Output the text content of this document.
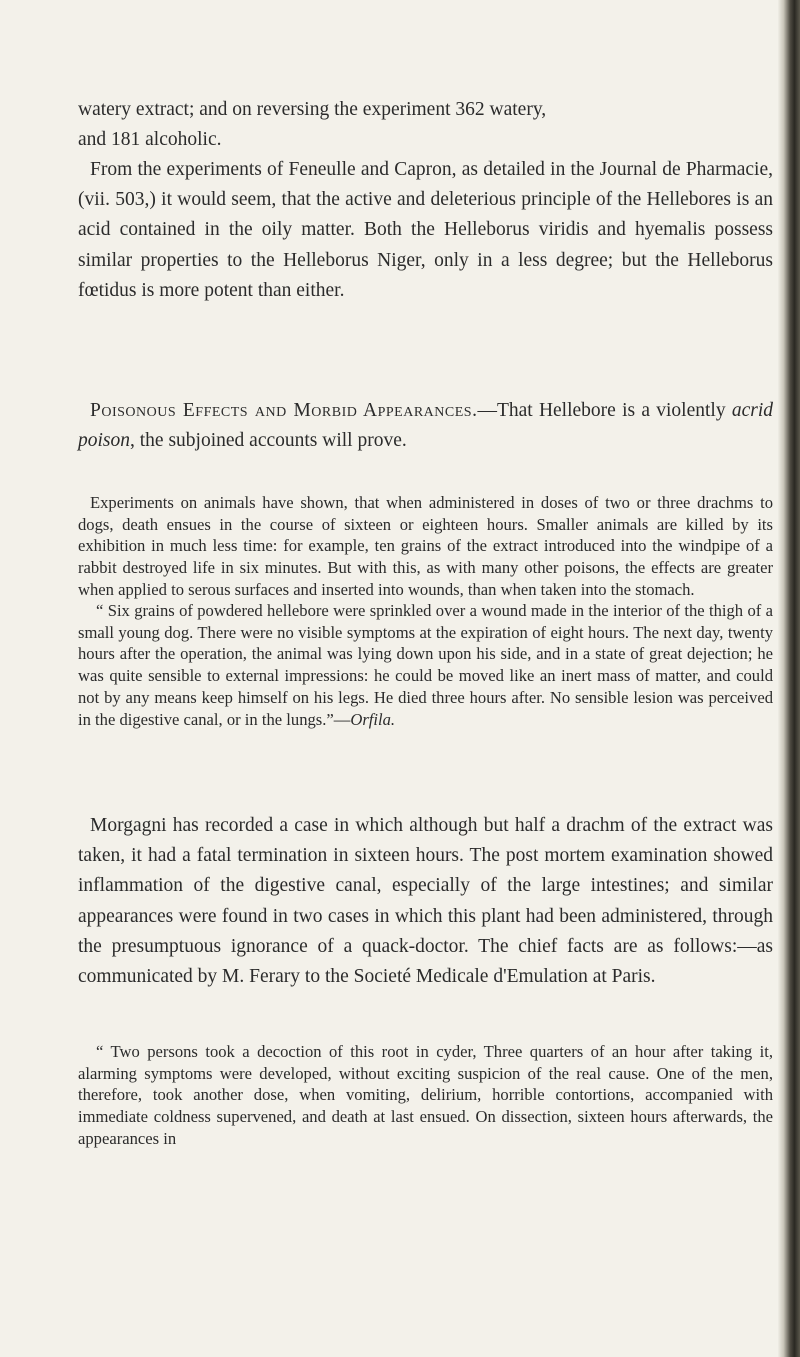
watery extract; and on reversing the experiment 362 watery,

and 181 alcoholic.

From the experiments of Feneulle and Capron, as detailed in the Journal de Pharmacie, (vii. 503,) it would seem, that the active and deleterious principle of the Hellebores is an acid contained in the oily matter. Both the Helleborus viridis and hyemalis possess similar properties to the Helleborus Niger, only in a less degree; but the Helleborus fœtidus is more potent than either.

Poisonous Effects and Morbid Appearances.—That Hellebore is a violently acrid poison, the subjoined accounts will prove.

Experiments on animals have shown, that when administered in doses of two or three drachms to dogs, death ensues in the course of sixteen or eighteen hours. Smaller animals are killed by its exhibition in much less time: for example, ten grains of the extract introduced into the windpipe of a rabbit destroyed life in six minutes. But with this, as with many other poisons, the effects are greater when applied to serous surfaces and inserted into wounds, than when taken into the stomach.

“ Six grains of powdered hellebore were sprinkled over a wound made in the interior of the thigh of a small young dog. There were no visible symptoms at the expiration of eight hours. The next day, twenty hours after the operation, the animal was lying down upon his side, and in a state of great dejection; he was quite sensible to external impressions: he could be moved like an inert mass of matter, and could not by any means keep himself on his legs. He died three hours after. No sensible lesion was perceived in the digestive canal, or in the lungs.”—Orfila.

Morgagni has recorded a case in which although but half a drachm of the extract was taken, it had a fatal termination in sixteen hours. The post mortem examination showed inflammation of the digestive canal, especially of the large intestines; and similar appearances were found in two cases in which this plant had been administered, through the presumptuous ignorance of a quack-doctor. The chief facts are as follows:—as communicated by M. Ferary to the Societé Medicale d'Emulation at Paris.

“ Two persons took a decoction of this root in cyder, Three quarters of an hour after taking it, alarming symptoms were developed, without exciting suspicion of the real cause. One of the men, therefore, took another dose, when vomiting, delirium, horrible contortions, accompanied with immediate coldness supervened, and death at last ensued. On dissection, sixteen hours afterwards, the appearances in
